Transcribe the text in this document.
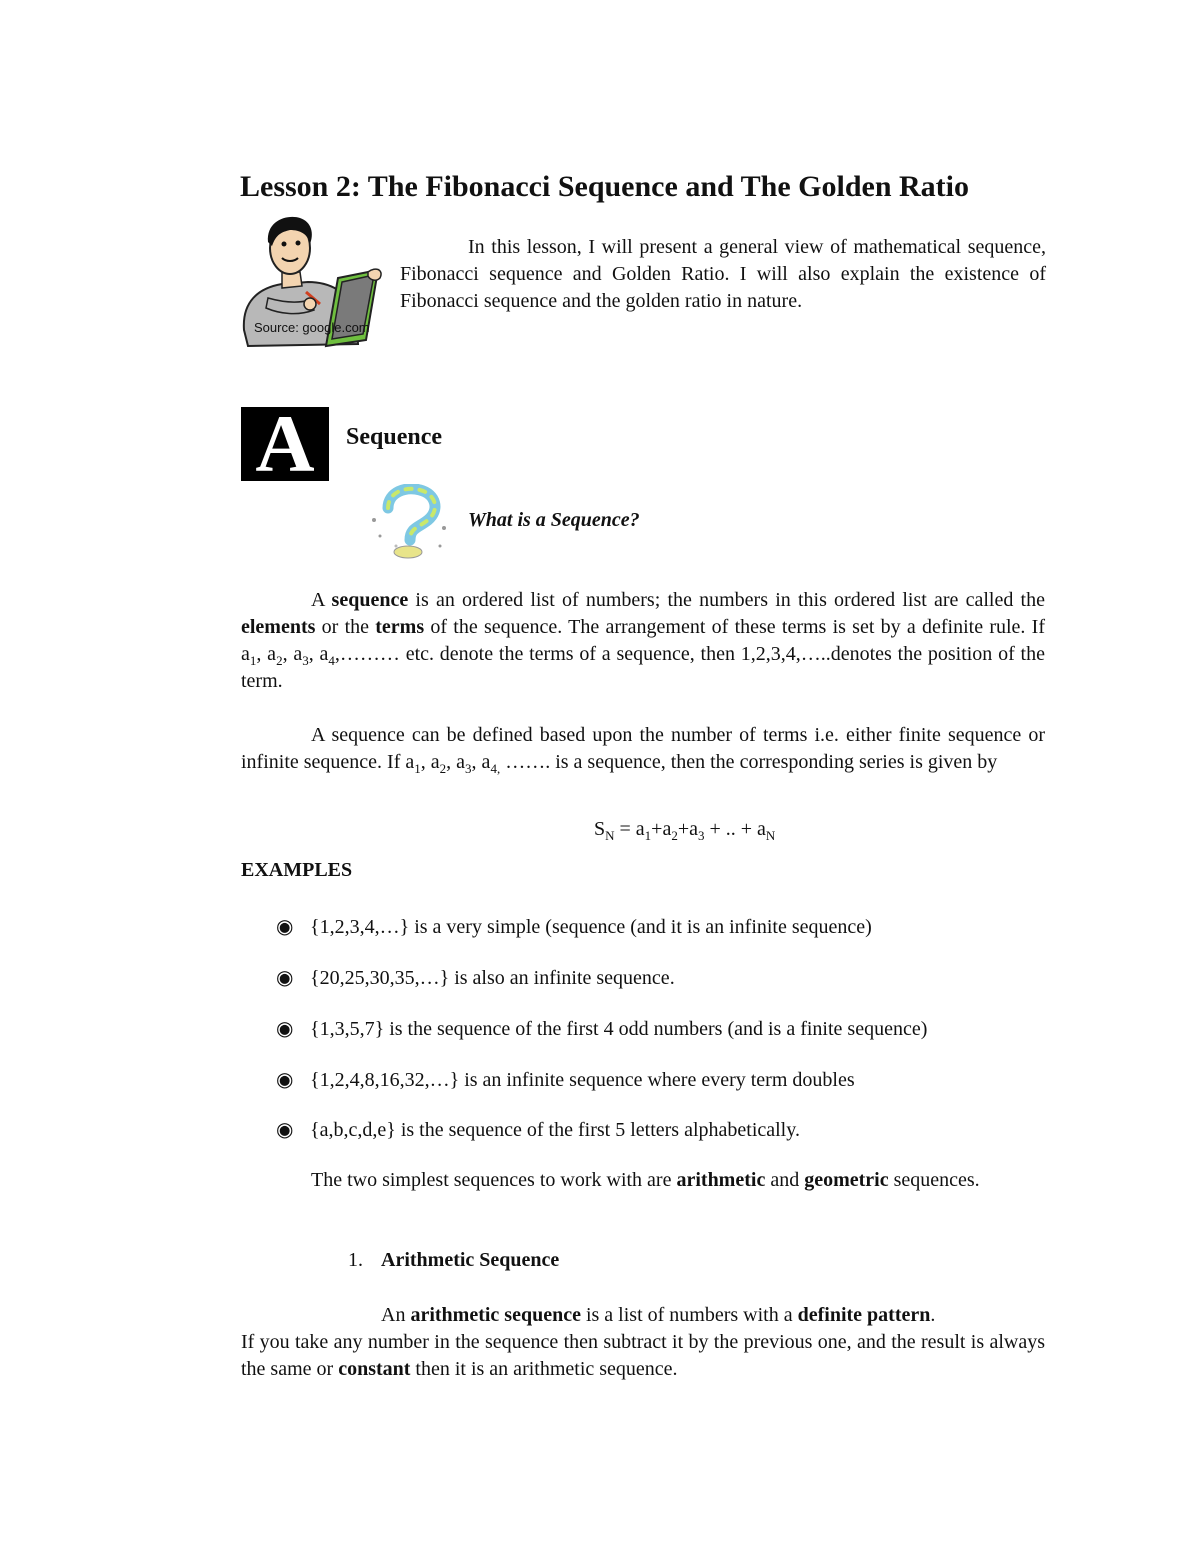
Lesson 2: The Fibonacci Sequence and The Golden Ratio
Source: google.com
In this lesson, I will present a general view of mathematical sequence, Fibonacci sequence and Golden Ratio. I will also explain the existence of Fibonacci sequence and the golden ratio in nature.
A	Sequence
What is a Sequence?
A sequence is an ordered list of numbers; the numbers in this ordered list are called the elements or the terms of the sequence. The arrangement of these terms is set by a definite rule. If $a_1$, $a_2$, $a_3$, $a_4,\dots\dots\dots$ etc. denote the terms of a sequence, then 1,2,3,4,…..denotes the position of the term.
A sequence can be defined based upon the number of terms i.e. either finite sequence or infinite sequence. If $a_1$, $a_2$, $a_3$, $a_{4,}$ ……. is a sequence, then the corresponding series is given by
$S_N = a_1+a_2+a_3$ + .. + $a_N$
EXAMPLES
◉ {1,2,3,4,…} is a very simple (sequence (and it is an infinite sequence)
◉ {20,25,30,35,…} is also an infinite sequence.
◉ {1,3,5,7} is the sequence of the first 4 odd numbers (and is a finite sequence)
◉ {1,2,4,8,16,32,…} is an infinite sequence where every term doubles
◉ {a,b,c,d,e} is the sequence of the first 5 letters alphabetically.
The two simplest sequences to work with are arithmetic and geometric sequences.
1. Arithmetic Sequence
An arithmetic sequence is a list of numbers with a definite pattern.
If you take any number in the sequence then subtract it by the previous one, and the result is always the same or constant then it is an arithmetic sequence.
